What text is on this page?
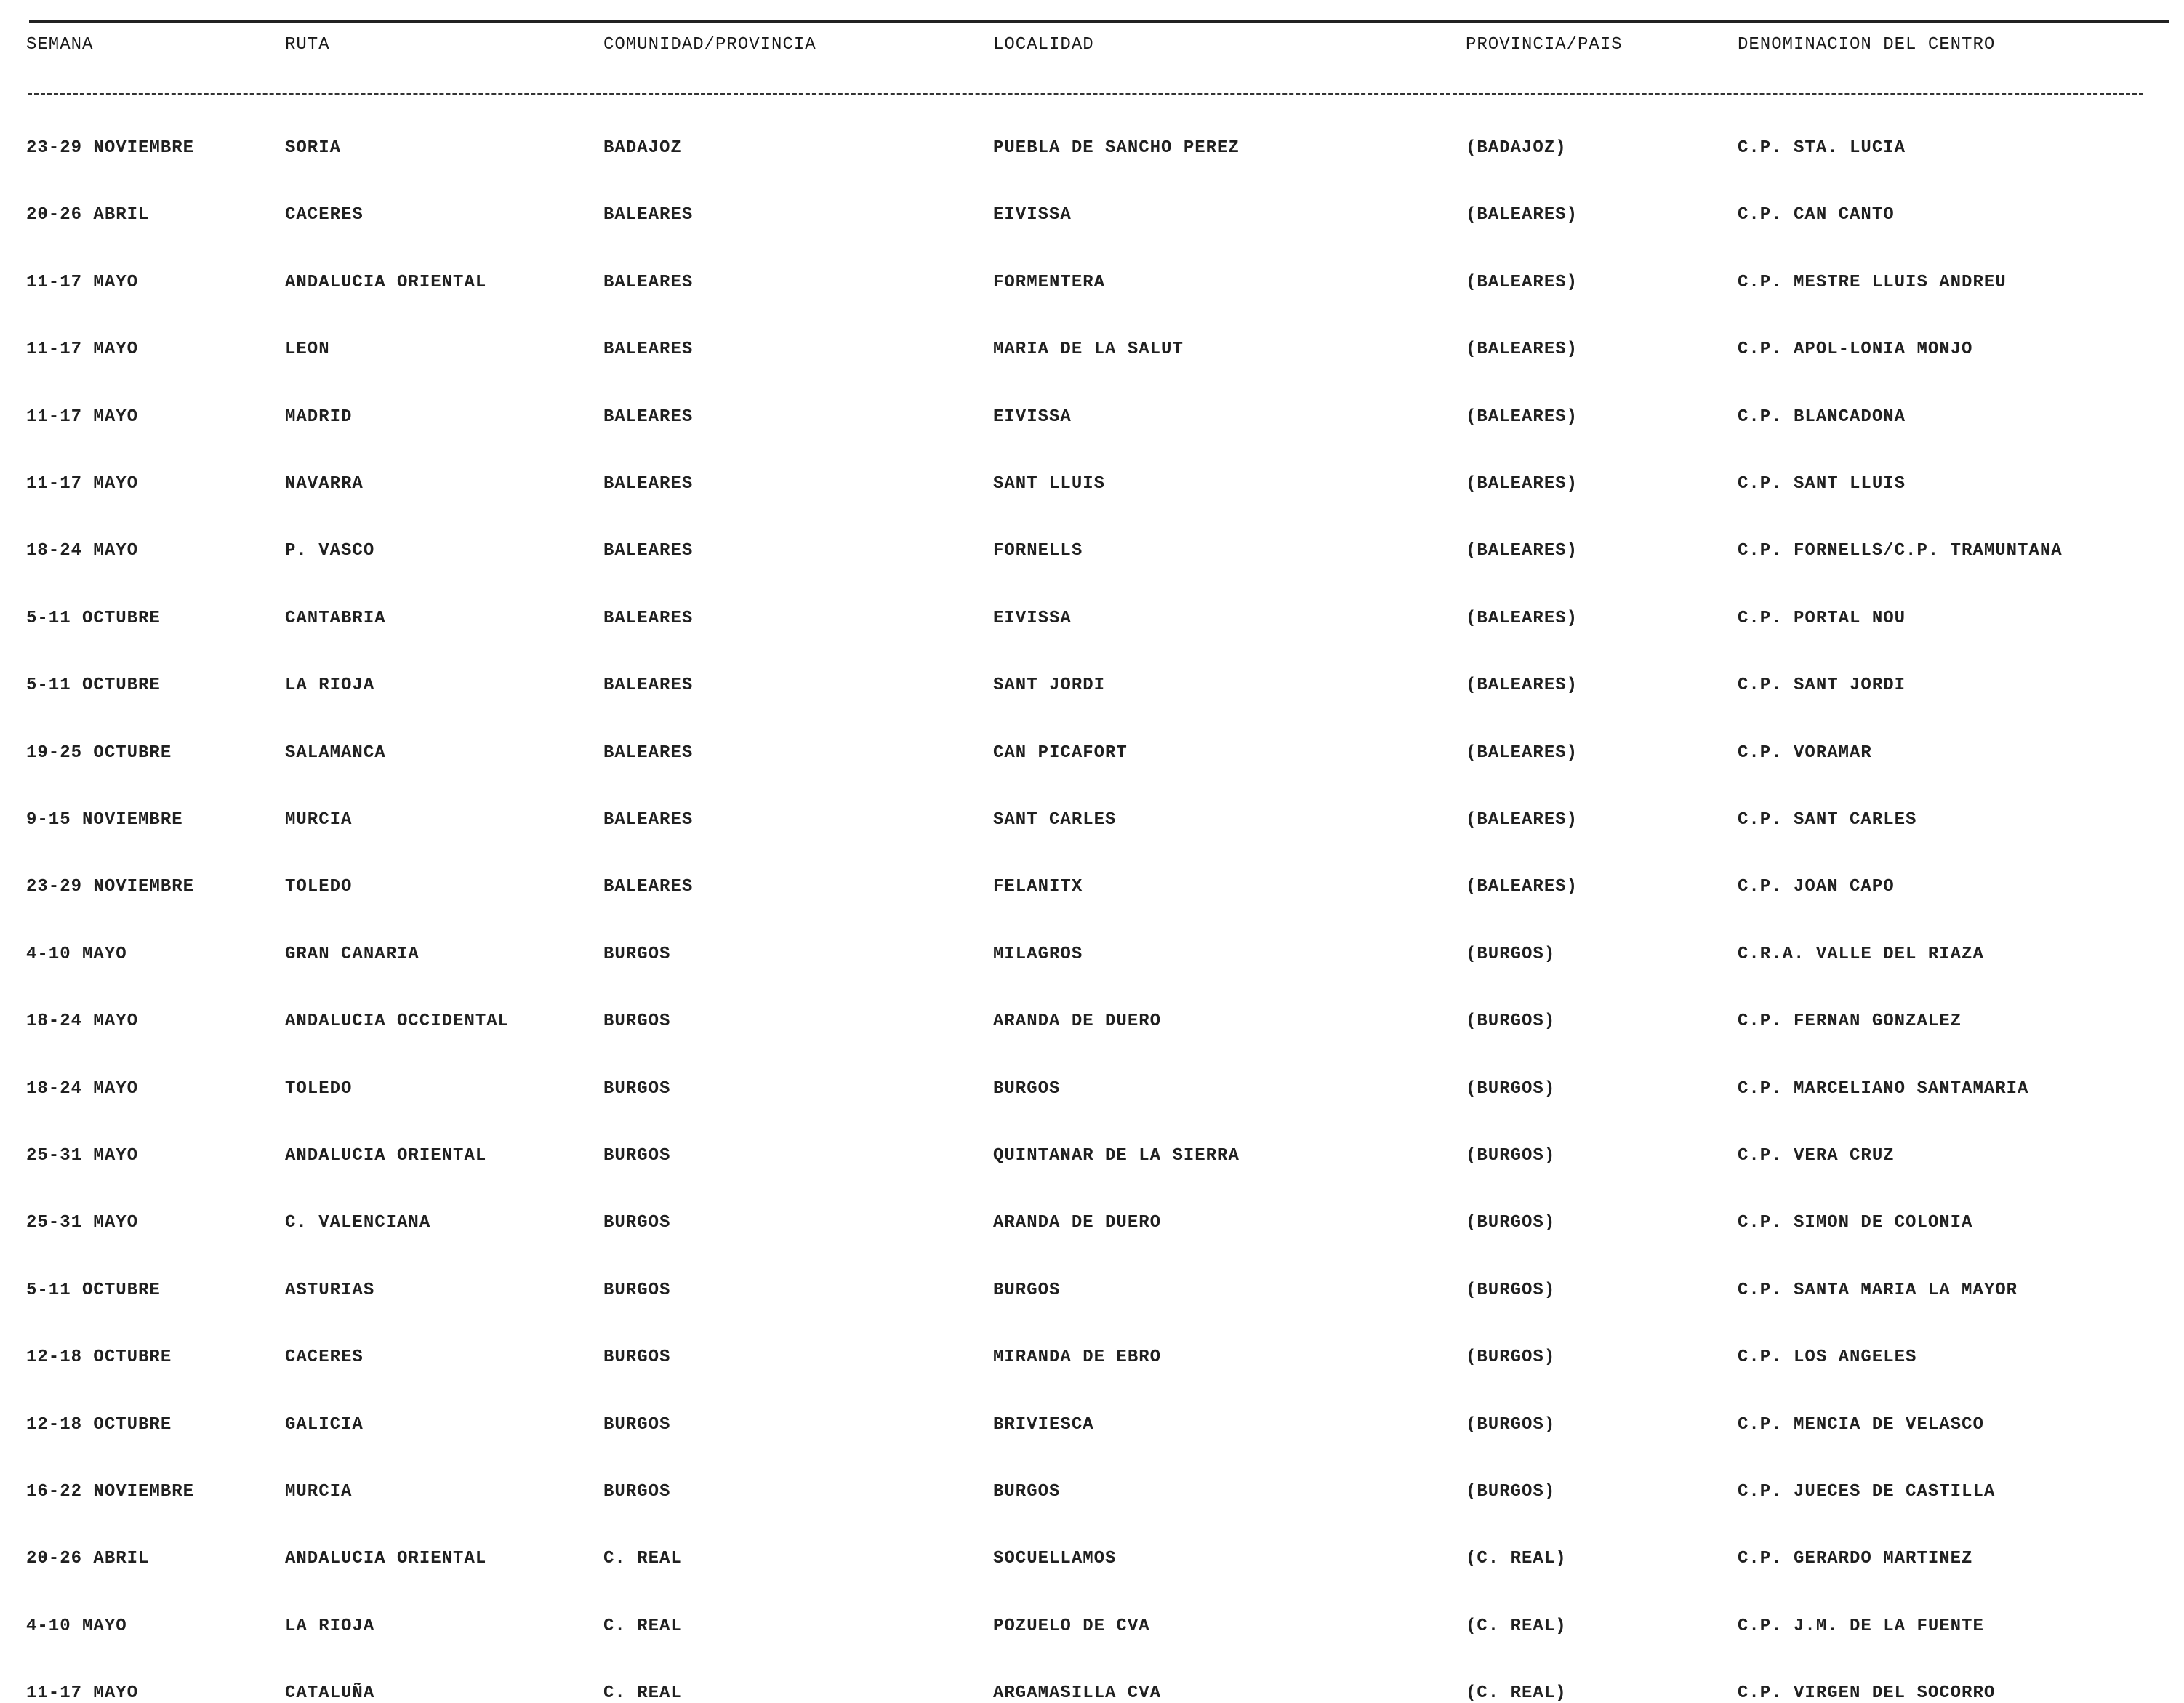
SEMANA	RUTA	COMUNIDAD/PROVINCIA	LOCALIDAD	PROVINCIA/PAIS	DENOMINACION DEL CENTRO
23-29 NOVIEMBRE	SORIA	BADAJOZ	PUEBLA DE SANCHO PEREZ	(BADAJOZ)	C.P. STA. LUCIA
20-26 ABRIL	CACERES	BALEARES	EIVISSA	(BALEARES)	C.P. CAN CANTO
11-17 MAYO	ANDALUCIA ORIENTAL	BALEARES	FORMENTERA	(BALEARES)	C.P. MESTRE LLUIS ANDREU
11-17 MAYO	LEON	BALEARES	MARIA DE LA SALUT	(BALEARES)	C.P. APOL-LONIA MONJO
11-17 MAYO	MADRID	BALEARES	EIVISSA	(BALEARES)	C.P. BLANCADONA
11-17 MAYO	NAVARRA	BALEARES	SANT LLUIS	(BALEARES)	C.P. SANT LLUIS
18-24 MAYO	P. VASCO	BALEARES	FORNELLS	(BALEARES)	C.P. FORNELLS/C.P. TRAMUNTANA
5-11 OCTUBRE	CANTABRIA	BALEARES	EIVISSA	(BALEARES)	C.P. PORTAL NOU
5-11 OCTUBRE	LA RIOJA	BALEARES	SANT JORDI	(BALEARES)	C.P. SANT JORDI
19-25 OCTUBRE	SALAMANCA	BALEARES	CAN PICAFORT	(BALEARES)	C.P. VORAMAR
9-15 NOVIEMBRE	MURCIA	BALEARES	SANT CARLES	(BALEARES)	C.P. SANT CARLES
23-29 NOVIEMBRE	TOLEDO	BALEARES	FELANITX	(BALEARES)	C.P. JOAN CAPO
4-10 MAYO	GRAN CANARIA	BURGOS	MILAGROS	(BURGOS)	C.R.A. VALLE DEL RIAZA
18-24 MAYO	ANDALUCIA OCCIDENTAL	BURGOS	ARANDA DE DUERO	(BURGOS)	C.P. FERNAN GONZALEZ
18-24 MAYO	TOLEDO	BURGOS	BURGOS	(BURGOS)	C.P. MARCELIANO SANTAMARIA
25-31 MAYO	ANDALUCIA ORIENTAL	BURGOS	QUINTANAR DE LA SIERRA	(BURGOS)	C.P. VERA CRUZ
25-31 MAYO	C. VALENCIANA	BURGOS	ARANDA DE DUERO	(BURGOS)	C.P. SIMON DE COLONIA
5-11 OCTUBRE	ASTURIAS	BURGOS	BURGOS	(BURGOS)	C.P. SANTA MARIA LA MAYOR
12-18 OCTUBRE	CACERES	BURGOS	MIRANDA DE EBRO	(BURGOS)	C.P. LOS ANGELES
12-18 OCTUBRE	GALICIA	BURGOS	BRIVIESCA	(BURGOS)	C.P. MENCIA DE VELASCO
16-22 NOVIEMBRE	MURCIA	BURGOS	BURGOS	(BURGOS)	C.P. JUECES DE CASTILLA
20-26 ABRIL	ANDALUCIA ORIENTAL	C. REAL	SOCUELLAMOS	(C. REAL)	C.P. GERARDO MARTINEZ
4-10 MAYO	LA RIOJA	C. REAL	POZUELO DE CVA	(C. REAL)	C.P. J.M. DE LA FUENTE
11-17 MAYO	CATALUÑA	C. REAL	ARGAMASILLA CVA	(C. REAL)	C.P. VIRGEN DEL SOCORRO
